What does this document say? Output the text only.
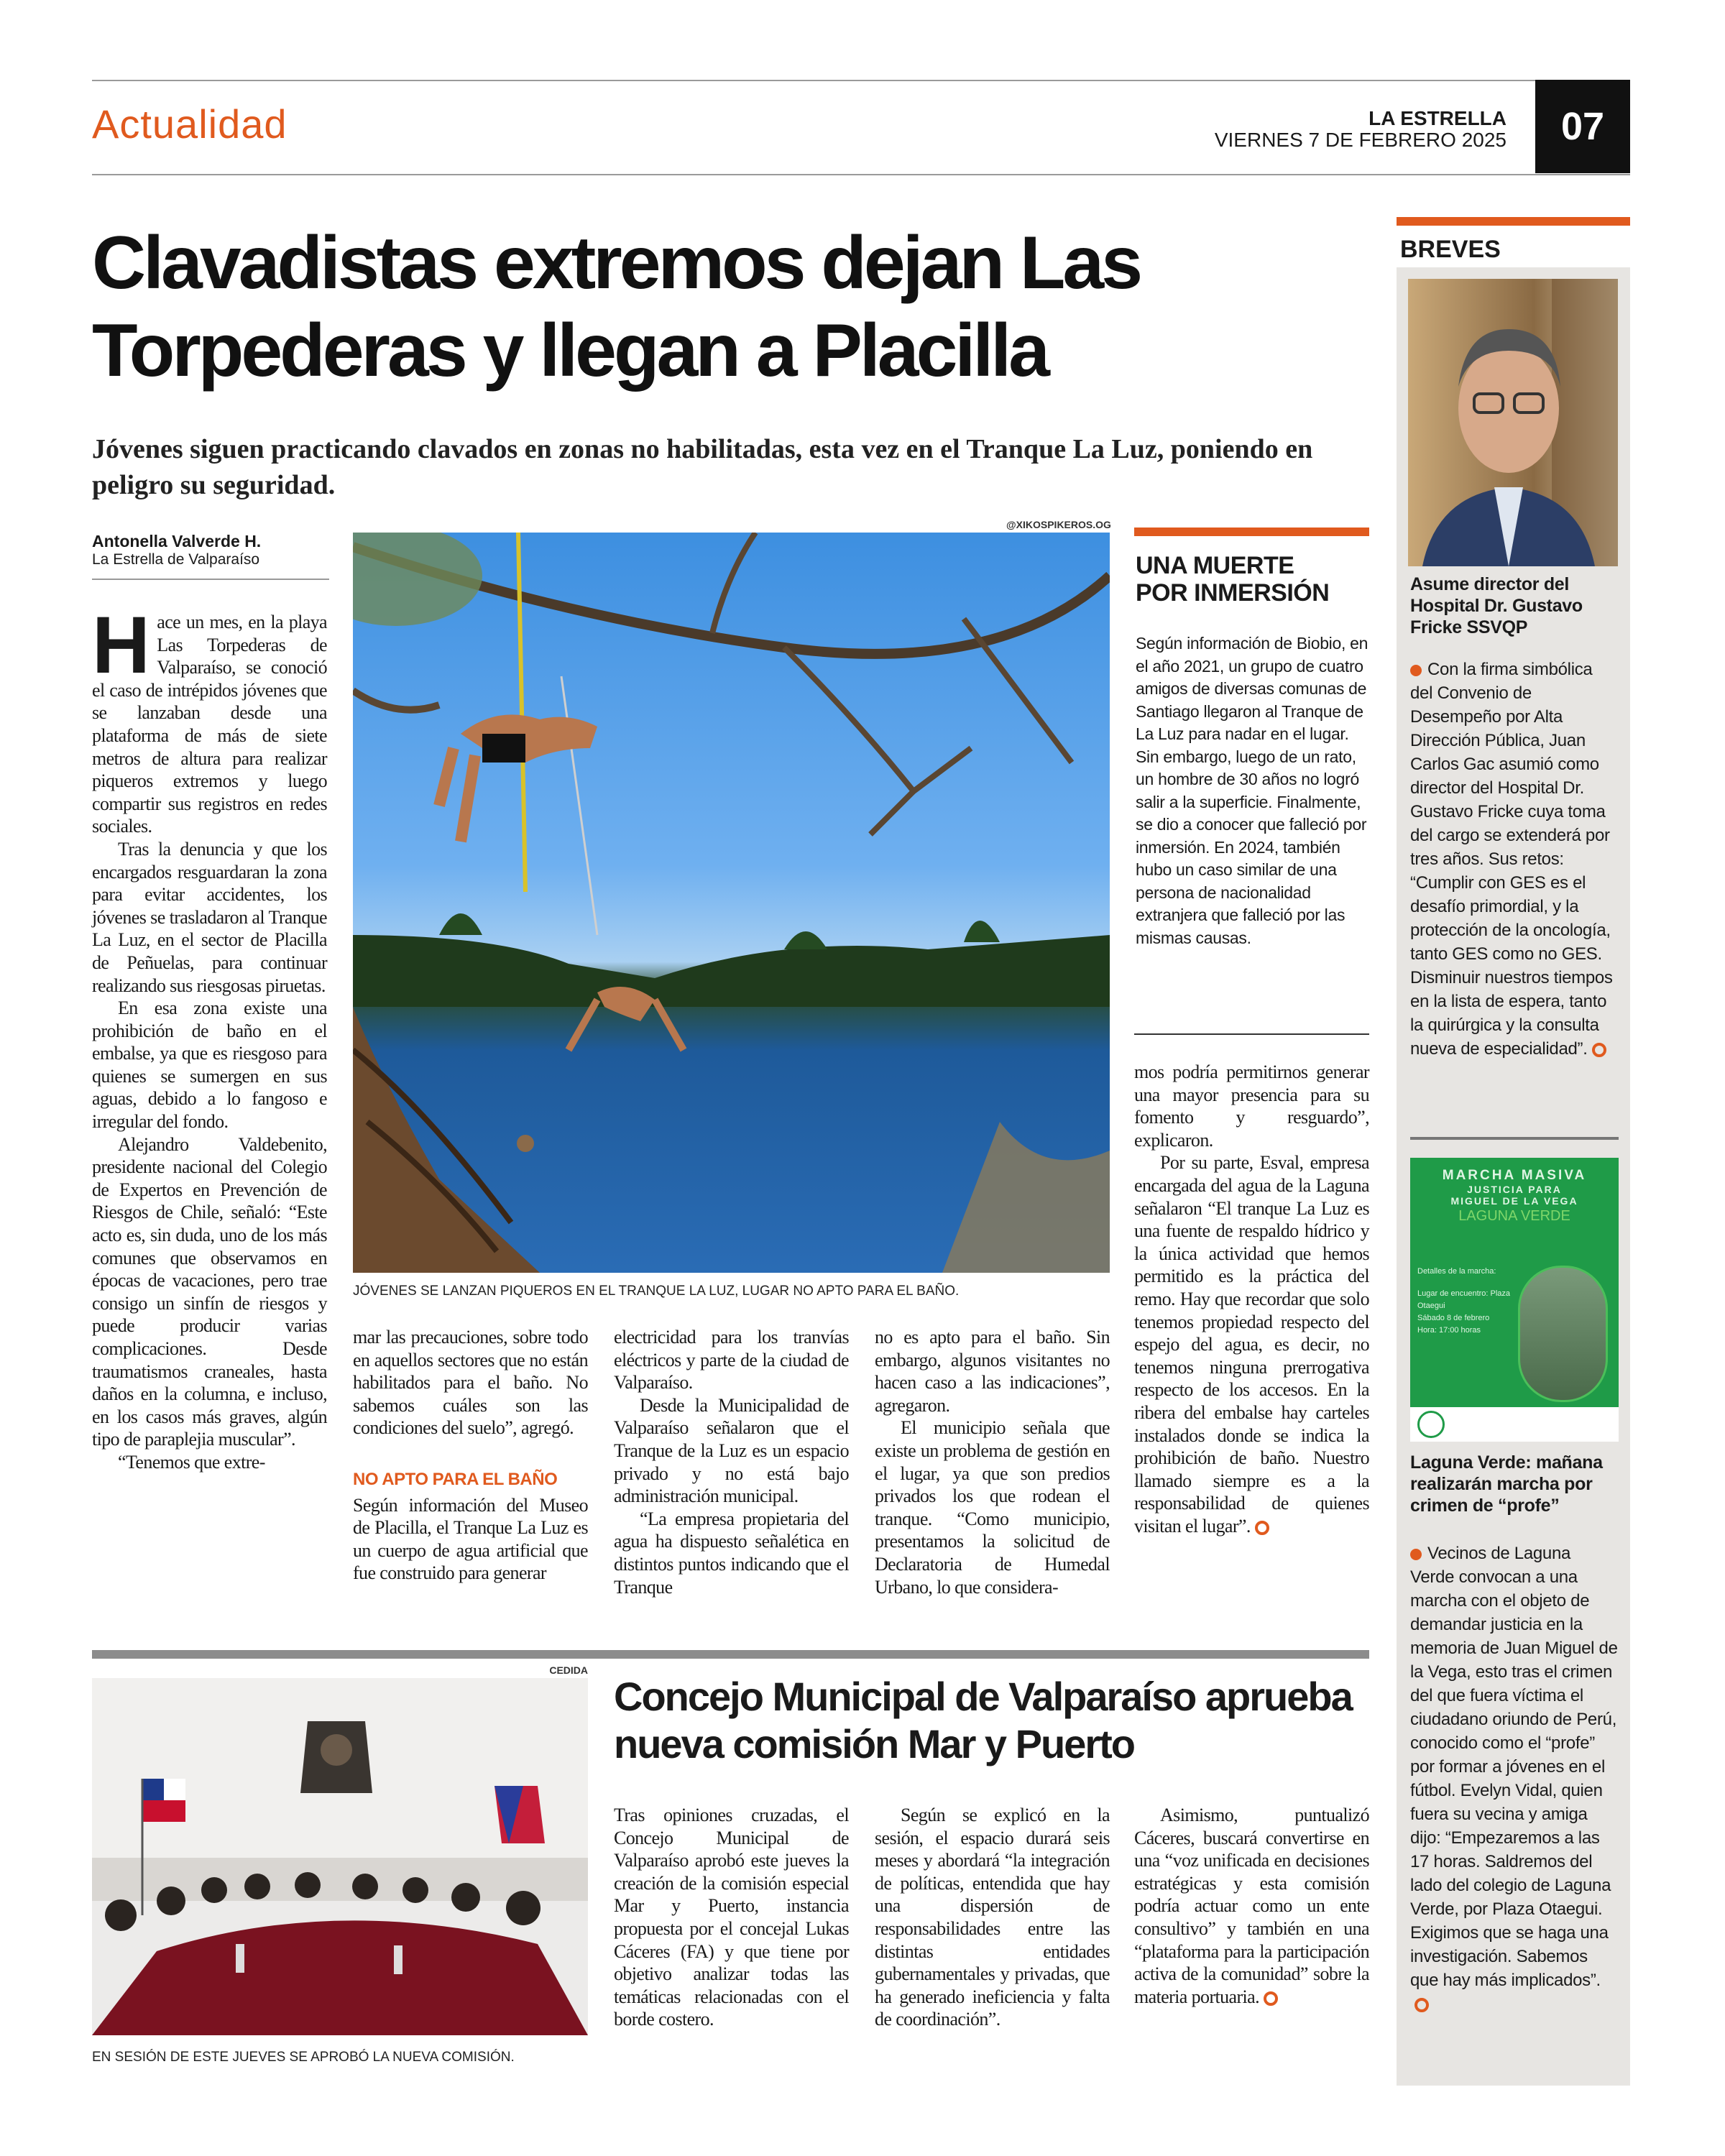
Actualidad	LA ESTRELLA
VIERNES 7 DE FEBRERO 2025	07
Clavadistas extremos dejan Las Torpederas y llegan a Placilla
Jóvenes siguen practicando clavados en zonas no habilitadas, esta vez en el Tranque La Luz, poniendo en peligro su seguridad.
Antonella Valverde H.
La Estrella de Valparaíso

Hace un mes, en la playa Las Torpederas de Valparaíso, se conoció el caso de intrépidos jóvenes que se lanzaban desde una plataforma de más de siete metros de altura para realizar piqueros extremos y luego compartir sus registros en redes sociales.

Tras la denuncia y que los encargados resguardaran la zona para evitar accidentes, los jóvenes se trasladaron al Tranque La Luz, en el sector de Placilla de Peñuelas, para continuar realizando sus riesgosas piruetas.

En esa zona existe una prohibición de baño en el embalse, ya que es riesgoso para quienes se sumergen en sus aguas, debido a lo fangoso e irregular del fondo.

Alejandro Valdebenito, presidente nacional del Colegio de Expertos en Prevención de Riesgos de Chile, señaló: “Este acto es, sin duda, uno de los más comunes que observamos en épocas de vacaciones, pero trae consigo un sinfín de riesgos y puede producir varias complicaciones. Desde traumatismos craneales, hasta daños en la columna, e incluso, en los casos más graves, algún tipo de paraplejia muscular”.

“Tenemos que extre-

@XIKOSPIKEROS.OG
JÓVENES SE LANZAN PIQUEROS EN EL TRANQUE LA LUZ, LUGAR NO APTO PARA EL BAÑO.

mar las precauciones, sobre todo en aquellos sectores que no están habilitados para el baño. No sabemos cuáles son las condiciones del suelo”, agregó.

NO APTO PARA EL BAÑO

Según información del Museo de Placilla, el Tranque La Luz es un cuerpo de agua artificial que fue construido para generar

electricidad para los tranvías eléctricos y parte de la ciudad de Valparaíso.

Desde la Municipalidad de Valparaíso señalaron que el Tranque de la Luz es un espacio privado y no está bajo administración municipal.

“La empresa propietaria del agua ha dispuesto señalética en distintos puntos indicando que el Tranque

no es apto para el baño. Sin embargo, algunos visitantes no hacen caso a las indicaciones”, agregaron.

El municipio señala que existe un problema de gestión en el lugar, ya que son predios privados los que rodean el tranque. “Como municipio, presentamos la solicitud de Declaratoria de Humedal Urbano, lo que considera-

UNA MUERTE POR INMERSIÓN
Según información de Biobio, en el año 2021, un grupo de cuatro amigos de diversas comunas de Santiago llegaron al Tranque de La Luz para nadar en el lugar. Sin embargo, luego de un rato, un hombre de 30 años no logró salir a la superficie. Finalmente, se dio a conocer que falleció por inmersión. En 2024, también hubo un caso similar de una persona de nacionalidad extranjera que falleció por las mismas causas.

mos podría permitirnos generar una mayor presencia para su fomento y resguardo”, explicaron.

Por su parte, Esval, empresa encargada del agua de la Laguna señalaron “El tranque La Luz es una fuente de respaldo hídrico y la única actividad que hemos permitido es la práctica del remo. Hay que recordar que solo tenemos propiedad respecto del espejo del agua, es decir, no tenemos ninguna prerrogativa respecto de los accesos. En la ribera del embalse hay carteles instalados donde se indica la prohibición de baño. Nuestro llamado siempre es a la responsabilidad de quienes visitan el lugar”.

CEDIDA
EN SESIÓN DE ESTE JUEVES SE APROBÓ LA NUEVA COMISIÓN.
Concejo Municipal de Valparaíso aprueba nueva comisión Mar y Puerto

Tras opiniones cruzadas, el Concejo Municipal de Valparaíso aprobó este jueves la creación de la comisión especial Mar y Puerto, instancia propuesta por el concejal Lukas Cáceres (FA) y que tiene por objetivo analizar todas las temáticas relacionadas con el borde costero.

Según se explicó en la sesión, el espacio durará seis meses y abordará “la integración de políticas, entendida que hay una dispersión de responsabilidades entre las distintas entidades gubernamentales y privadas, que ha generado ineficiencia y falta de coordinación”.

Asimismo, puntualizó Cáceres, buscará convertirse en una “voz unificada en decisiones estratégicas y esta comisión podría actuar como un ente consultivo” y también en una “plataforma para la participación activa de la comunidad” sobre la materia portuaria.

BREVES
Asume director del Hospital Dr. Gustavo Fricke SSVQP
Con la firma simbólica del Convenio de Desempeño por Alta Dirección Pública, Juan Carlos Gac asumió como director del Hospital Dr. Gustavo Fricke cuya toma del cargo se extenderá por tres años. Sus retos: “Cumplir con GES es el desafío primordial, y la protección de la oncología, tanto GES como no GES. Disminuir nuestros tiempos en la lista de espera, tanto la quirúrgica y la consulta nueva de especialidad”.
MARCHA MASIVA
JUSTICIA PARA
MIGUEL DE LA VEGA
LAGUNA VERDE
Detalles de la marcha:
Lugar de encuentro: Plaza Otaegui
Sábado 8 de febrero
Hora: 17:00 horas
Laguna Verde: mañana realizarán marcha por crimen de “profe”
Vecinos de Laguna Verde convocan a una marcha con el objeto de demandar justicia en la memoria de Juan Miguel de la Vega, esto tras el crimen del que fuera víctima el ciudadano oriundo de Perú, conocido como el “profe” por formar a jóvenes en el fútbol. Evelyn Vidal, quien fuera su vecina y amiga dijo: “Empezaremos a las 17 horas. Saldremos del lado del colegio de Laguna Verde, por Plaza Otaegui. Exigimos que se haga una investigación. Sabemos que hay más implicados”.
